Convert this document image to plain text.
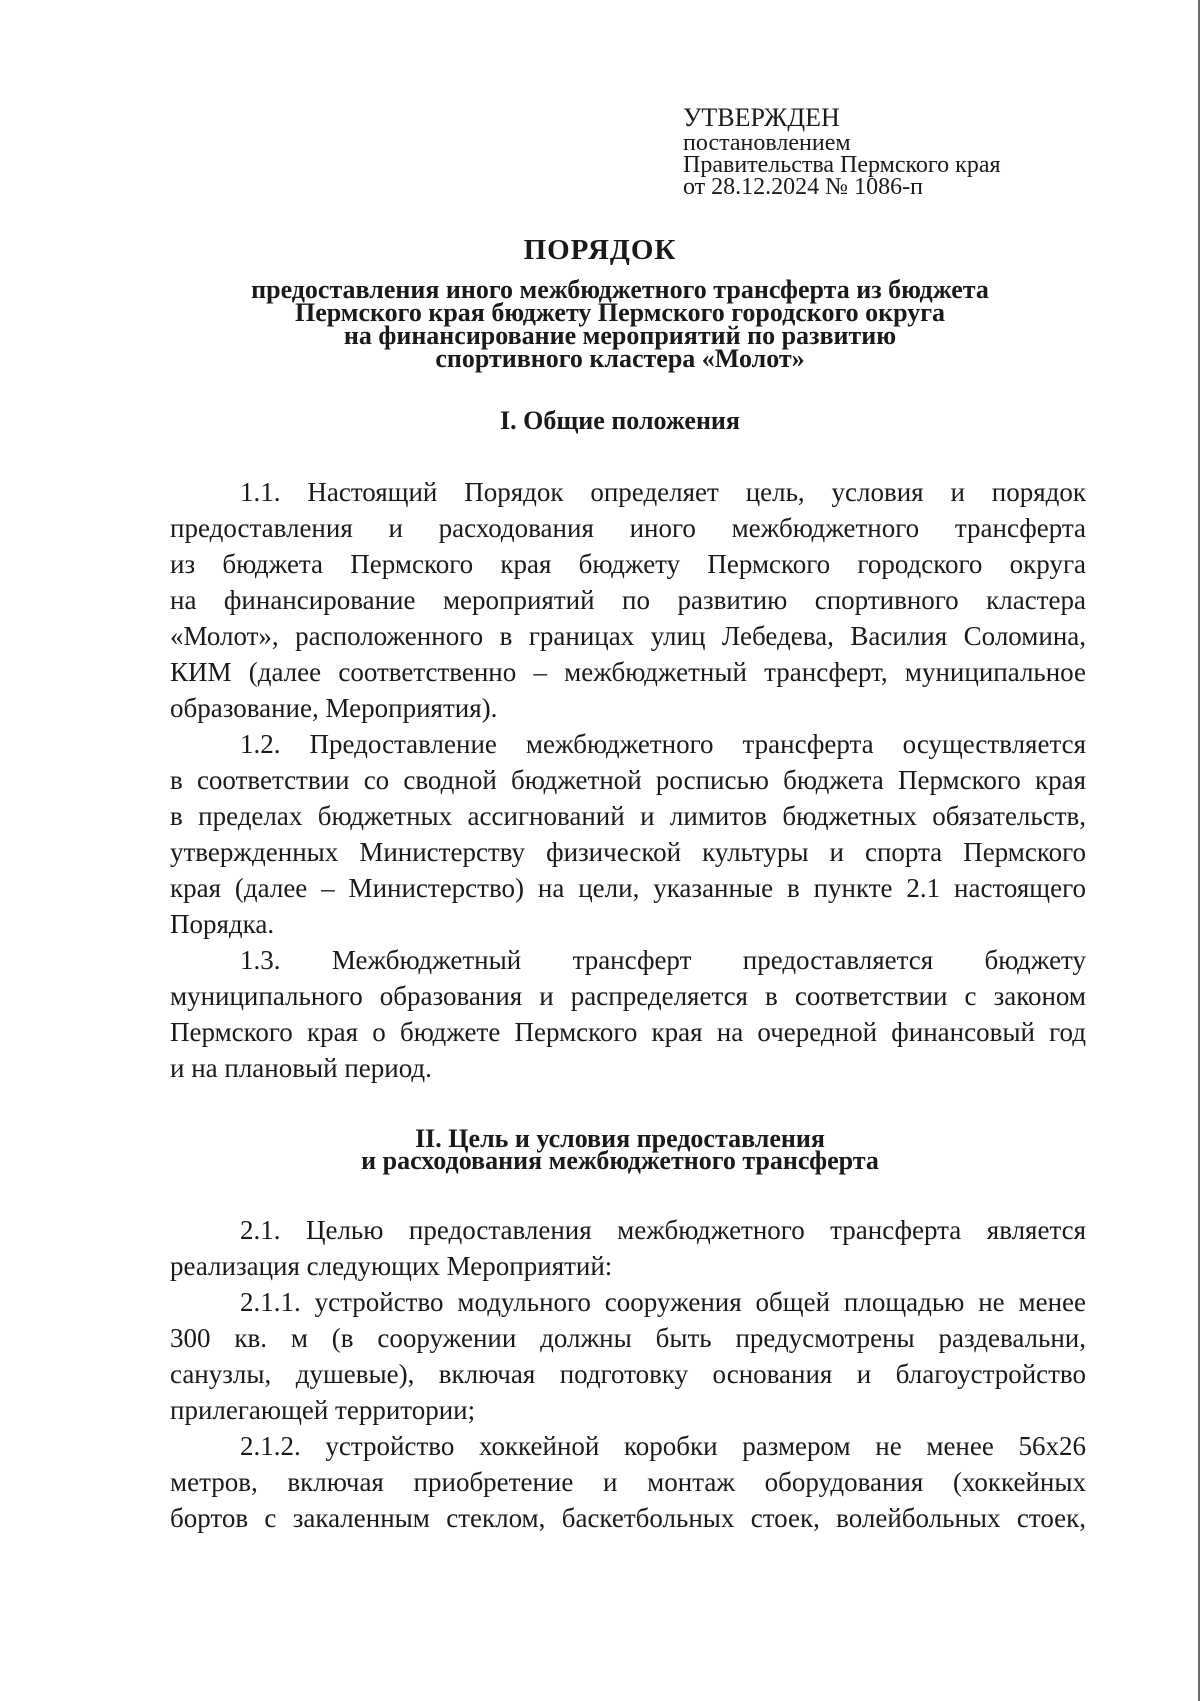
УТВЕРЖДЕН
постановлением
Правительства Пермского края
от 28.12.2024 № 1086-п
ПОРЯДОК
предоставления иного межбюджетного трансферта из бюджета
Пермского края бюджету Пермского городского округа
на финансирование мероприятий по развитию
спортивного кластера «Молот»
I. Общие положения
1.1. Настоящий Порядок определяет цель, условия и порядок
предоставления и расходования иного межбюджетного трансферта
из бюджета Пермского края бюджету Пермского городского округа
на финансирование мероприятий по развитию спортивного кластера
«Молот», расположенного в границах улиц Лебедева, Василия Соломина,
КИМ (далее соответственно – межбюджетный трансферт, муниципальное
образование, Мероприятия).
1.2. Предоставление межбюджетного трансферта осуществляется
в соответствии со сводной бюджетной росписью бюджета Пермского края
в пределах бюджетных ассигнований и лимитов бюджетных обязательств,
утвержденных Министерству физической культуры и спорта Пермского
края (далее – Министерство) на цели, указанные в пункте 2.1 настоящего
Порядка.
1.3. Межбюджетный трансферт предоставляется бюджету
муниципального образования и распределяется в соответствии с законом
Пермского края о бюджете Пермского края на очередной финансовый год
и на плановый период.
II. Цель и условия предоставления
и расходования межбюджетного трансферта
2.1. Целью предоставления межбюджетного трансферта является
реализация следующих Мероприятий:
2.1.1. устройство модульного сооружения общей площадью не менее
300 кв. м (в сооружении должны быть предусмотрены раздевальни,
санузлы, душевые), включая подготовку основания и благоустройство
прилегающей территории;
2.1.2. устройство хоккейной коробки размером не менее 56х26
метров, включая приобретение и монтаж оборудования (хоккейных
бортов с закаленным стеклом, баскетбольных стоек, волейбольных стоек,
